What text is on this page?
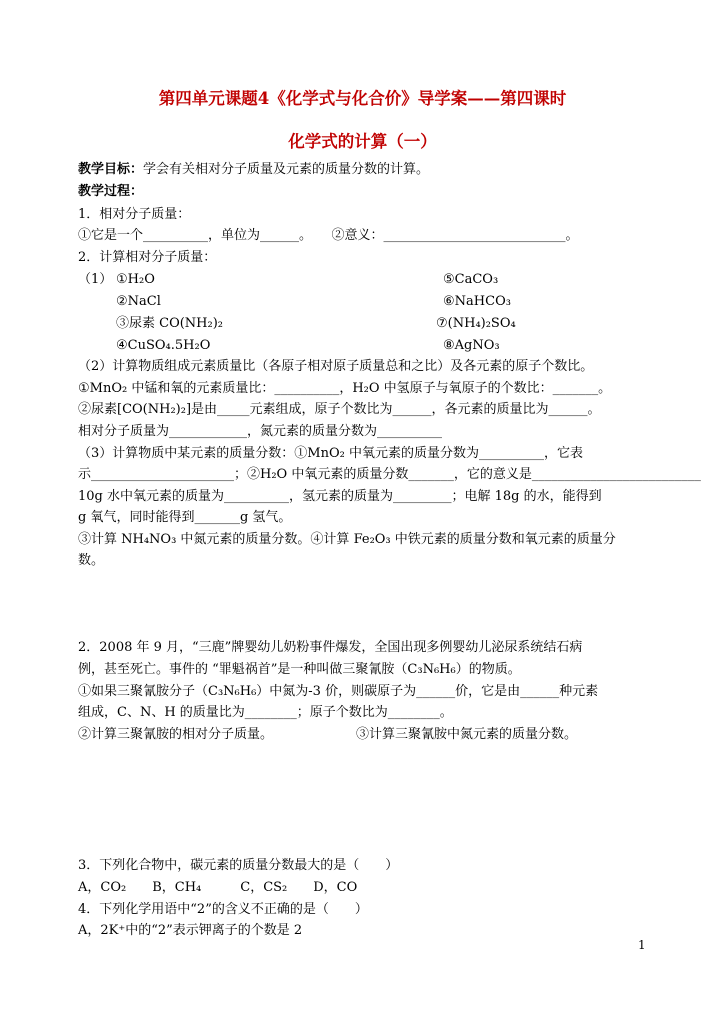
第四单元课题4《化学式与化合价》导学案——第四课时
化学式的计算（一）
教学目标：学会有关相对分子质量及元素的质量分数的计算。
教学过程：
1．相对分子质量：
①它是一个__________，单位为______。　　②意义：____________________________。
2．计算相对分子质量：
（1） ①H₂O
②NaCl
③尿素 CO(NH₂)₂
④CuSO₄.5H₂O
⑤CaCO₃
⑥NaHCO₃
⑦(NH₄)₂SO₄
⑧AgNO₃
（2）计算物质组成元素质量比（各原子相对原子质量总和之比）及各元素的原子个数比。
①MnO₂ 中锰和氧的元素质量比：__________，H₂O 中氢原子与氧原子的个数比：_______。
②尿素[CO(NH₂)₂]是由_____元素组成，原子个数比为______，各元素的质量比为______。
相对分子质量为____________，氮元素的质量分数为__________
（3）计算物质中某元素的质量分数：①MnO₂ 中氧元素的质量分数为__________，它表
示______________________；②H₂O 中氧元素的质量分数_______，它的意义是__________________________
10g 水中氧元素的质量为__________，氢元素的质量为_________；电解 18g 的水，能得到
g 氧气，同时能得到_______g 氢气。
③计算 NH₄NO₃ 中氮元素的质量分数。④计算 Fe₂O₃ 中铁元素的质量分数和氧元素的质量分
数。
2．2008 年 9 月，“三鹿”牌婴幼儿奶粉事件爆发，全国出现多例婴幼儿泌尿系统结石病
例，甚至死亡。事件的 “罪魁祸首”是一种叫做三聚氰胺（C₃N₆H₆）的物质。
①如果三聚氰胺分子（C₃N₆H₆）中氮为-3 价，则碳原子为______价，它是由______种元素
组成，C、N、H 的质量比为________；原子个数比为________。
②计算三聚氰胺的相对分子质量。	③计算三聚氰胺中氮元素的质量分数。
3．下列化合物中，碳元素的质量分数最大的是（　　）
A，CO₂　　B，CH₄　　　C，CS₂　　D，CO
4．下列化学用语中“2”的含义不正确的是（　　）
A，2K⁺中的“2”表示钾离子的个数是 2
1
